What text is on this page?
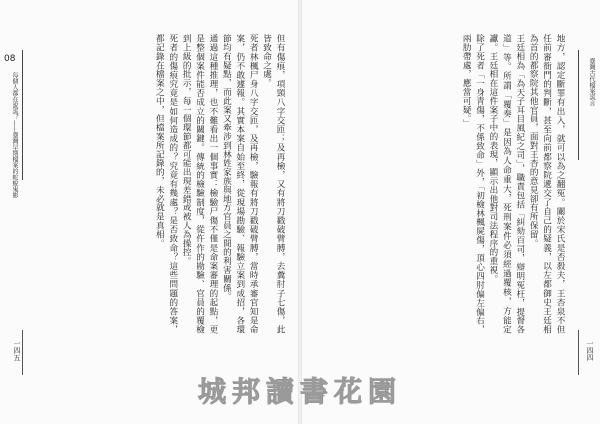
08
每個人都在說謊？——臺灣早期檔案的蛇蛻鬼影
一四五
臺灣古代檔案謊言
一四四

但有傷痕，項頸八字交匝；及再檢，又有將刀戳破臂膊，去糞肘子七傷，此皆致命之處。

死者林楓尸身八字交匝，及再檢，驗報有將刀戳破臂膊，當時承審官知是命案，仍不敢遽報。其實本案自始至終，從現場勘驗、報驗立案到成招，各環節均有疑點，而此案又牽涉到林姓家族與地方官員之間的利害關係。

通過這種推理，也不難看出一個事實：檢驗尸傷不僅是命案審理的起點，更是整個案件能否成立的關鍵。傳統的檢驗制度，從仵作的勘驗、官員的覆檢到上級的批示，每一個環節都可能出現差錯或被人為操控。

死者的傷痕究竟是如何造成的？究竟有幾處？是否致命？這些問題的答案，都記錄在檔案之中，但檔案所記錄的，未必就是真相。	地方，認定斷罪有出入，就可以為之翻冤。關於宋氏是否殺夫，王杏泉不但任前審衙門的判斷，甚至向前都察院遞交了自己的疑義，以左都御史王廷相為首的都察院其他官員，面對王杏的意見卻有所保留。

王廷相為「為天子耳目風紀之司」，職責包括「糾劾百司，辯明冤枉，提督各道」等。所謂「覆奏」是因為人命重大，死刑案件必須經過覆核，方能定讞。王廷相在這件案子中的表現，顯示出他對司法程序的重視。

除了死者「一身青傷，不係致命」外，「初檢林楓屍傷，頂心四肘偏左偏右，兩肋帶處，應當可疑。」

城邦讀書花園
